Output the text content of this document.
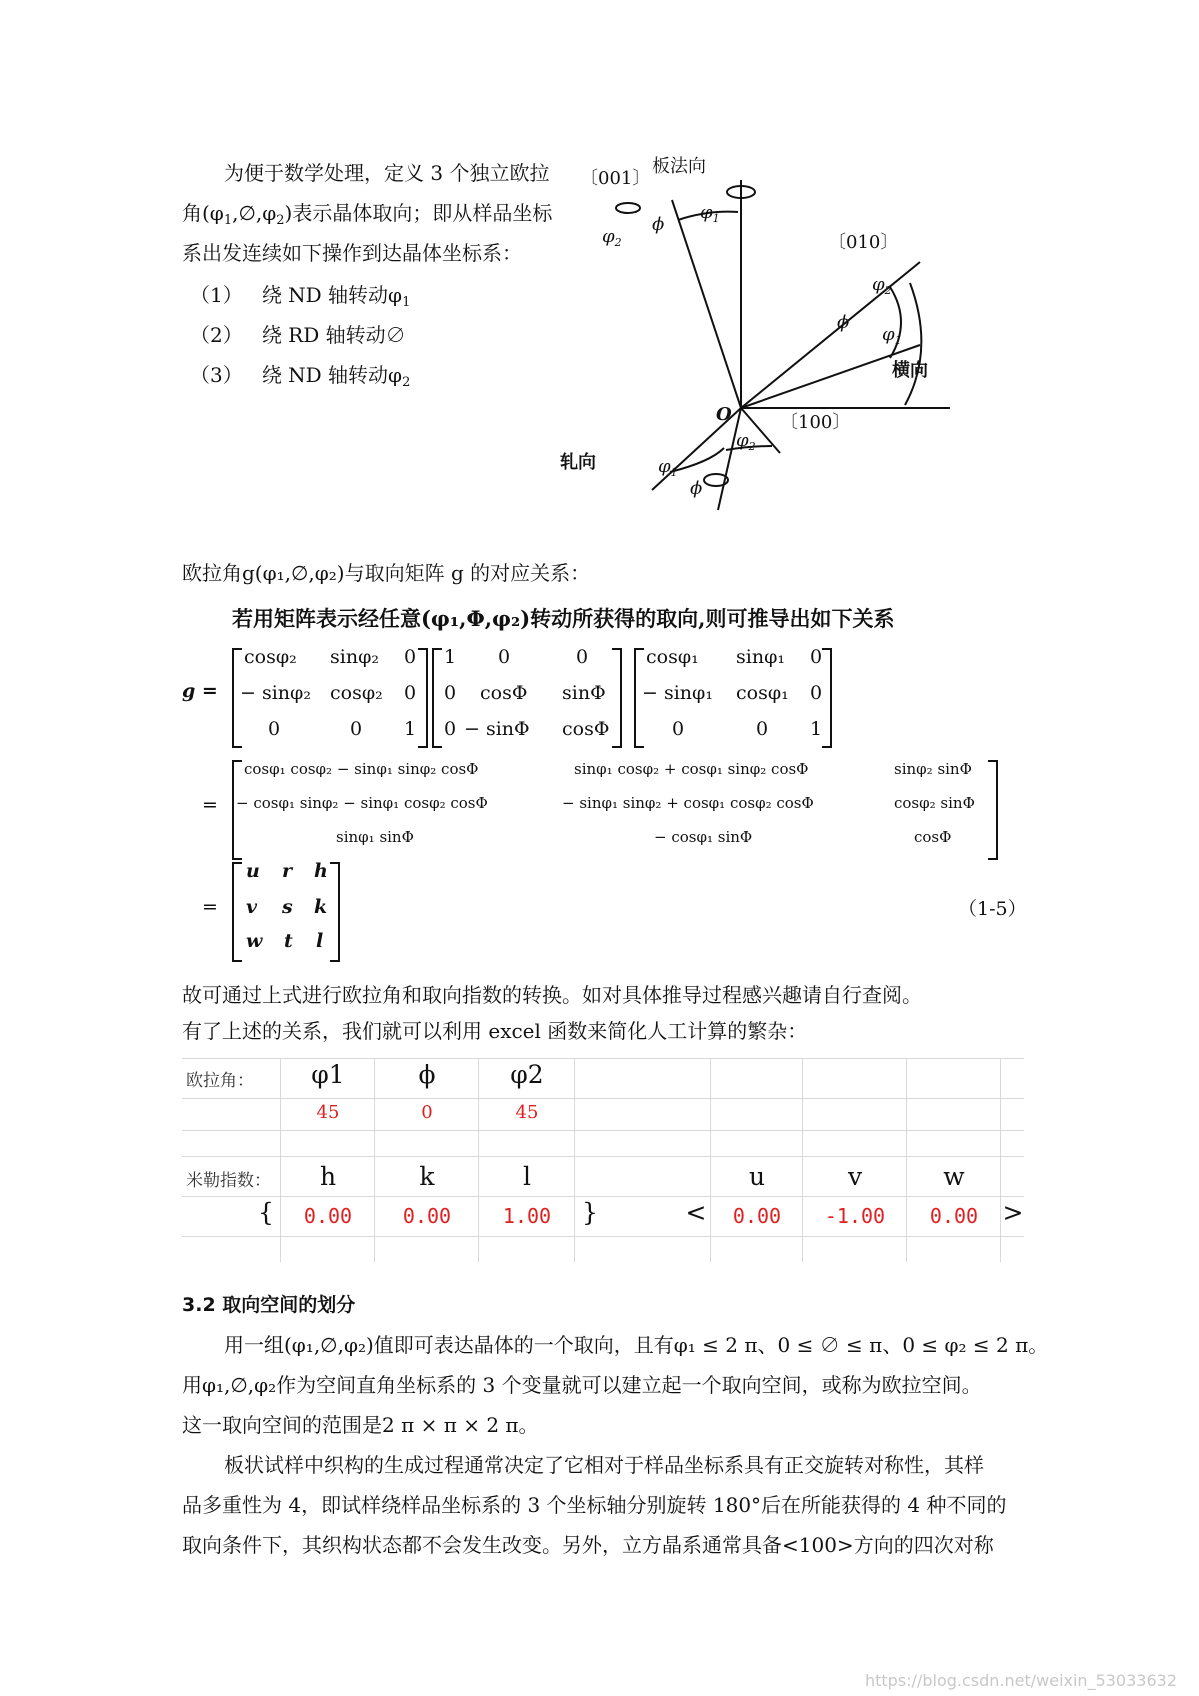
为便于数学处理，定义 3 个独立欧拉
角$(\varphi_1,\emptyset,\varphi_2)$表示晶体取向；即从样品坐标
系出发连续如下操作到达晶体坐标系：
（1） 绕 ND 轴转动$\varphi_1$
（2） 绕 RD 轴转动∅
（3） 绕 ND 轴转动$\varphi_2$
板法向
〔001〕
〔010〕
O
横向
〔100〕
轧向
ϕ
ϕ
ϕ
$\varphi_2$
$\varphi_1$
$\varphi_2$
$\varphi_1$
$\varphi_1$
$\varphi_2$
欧拉角g(φ₁,∅,φ₂)与取向矩阵 g 的对应关系：
若用矩阵表示经任意(φ₁,Φ,φ₂)转动所获得的取向,则可推导出如下关系
g =
cosφ₂ sinφ₂ 0
− sinφ₂ cosφ₂ 0
0	0 1
1 0	0
0 cosΦ sinΦ
0 − sinΦ cosΦ
cosφ₁ sinφ₁ 0
− sinφ₁ cosφ₁ 0
0	0 1
=
cosφ₁ cosφ₂ − sinφ₁ sinφ₂ cosΦ	sinφ₁ cosφ₂ + cosφ₁ sinφ₂ cosΦ	sinφ₂ sinΦ
− cosφ₁ sinφ₂ − sinφ₁ cosφ₂ cosΦ	− sinφ₁ sinφ₂ + cosφ₁ cosφ₂ cosΦ	cosφ₂ sinΦ
sinφ₁ sinΦ	− cosφ₁ sinΦ	cosΦ
=
u r h
v s k
w t l
（1-5）
故可通过上式进行欧拉角和取向指数的转换。如对具体推导过程感兴趣请自行查阅。
有了上述的关系，我们就可以利用 excel 函数来简化人工计算的繁杂：
欧拉角：	φ1	ϕ	φ2
45	0	45
米勒指数：	h	k	l	u	v	w
{	0.00	0.00	1.00	}	<	0.00	-1.00	0.00 >
3.2 取向空间的划分
用一组(φ₁,∅,φ₂)值即可表达晶体的一个取向，且有φ₁ ≤ 2 π、0 ≤ ∅ ≤ π、0 ≤ φ₂ ≤ 2 π。
用φ₁,∅,φ₂作为空间直角坐标系的 3 个变量就可以建立起一个取向空间，或称为欧拉空间。
这一取向空间的范围是2 π × π × 2 π。
板状试样中织构的生成过程通常决定了它相对于样品坐标系具有正交旋转对称性，其样
品多重性为 4，即试样绕样品坐标系的 3 个坐标轴分别旋转 180°后在所能获得的 4 种不同的
取向条件下，其织构状态都不会发生改变。另外，立方晶系通常具备<100>方向的四次对称
https://blog.csdn.net/weixin_53033632
